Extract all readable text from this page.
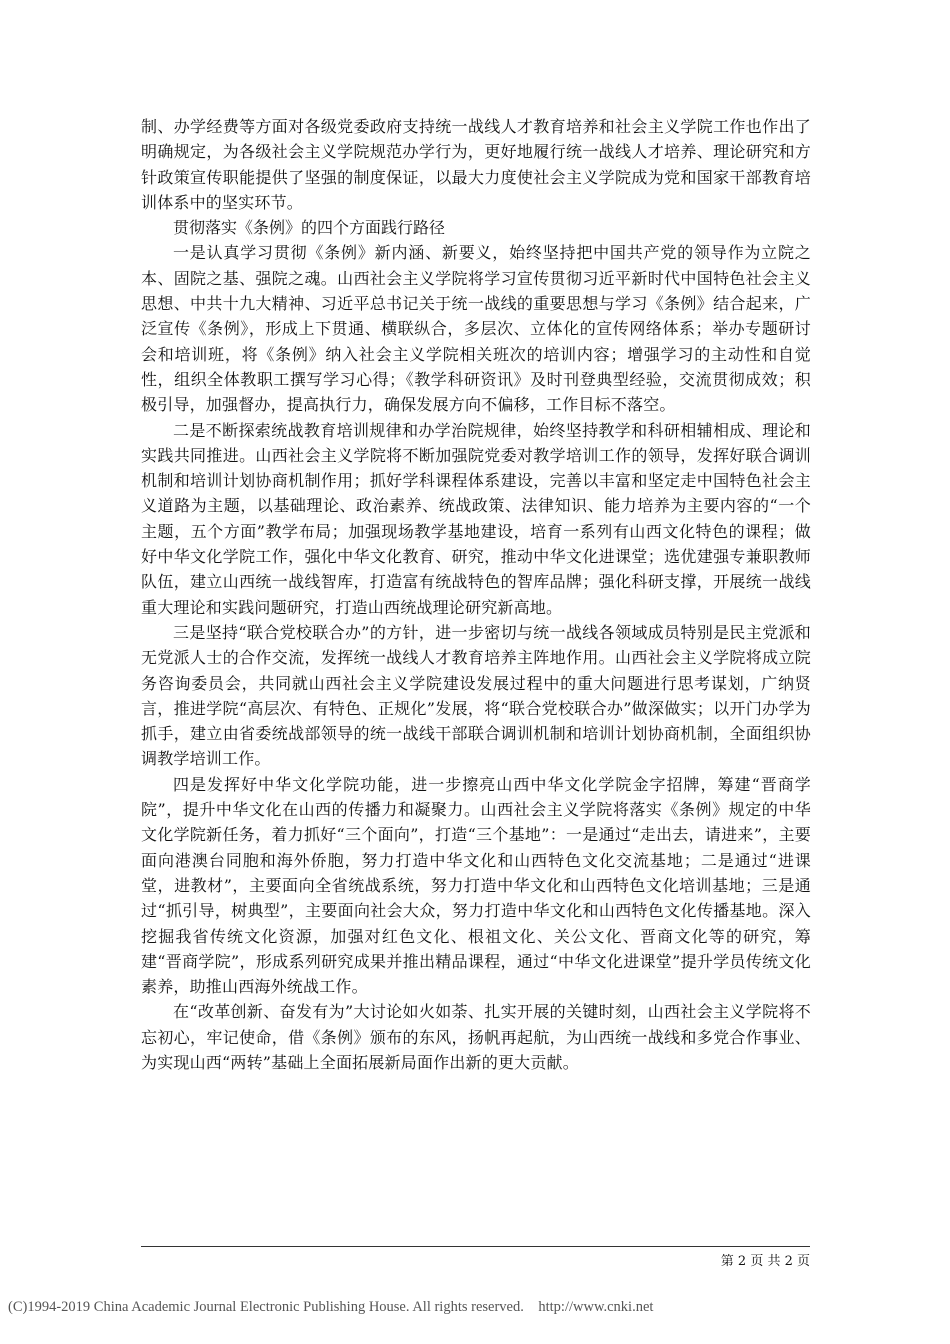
制、办学经费等方面对各级党委政府支持统一战线人才教育培养和社会主义学院工作也作出了明确规定，为各级社会主义学院规范办学行为，更好地履行统一战线人才培养、理论研究和方针政策宣传职能提供了坚强的制度保证，以最大力度使社会主义学院成为党和国家干部教育培训体系中的坚实环节。

贯彻落实《条例》的四个方面践行路径

一是认真学习贯彻《条例》新内涵、新要义，始终坚持把中国共产党的领导作为立院之本、固院之基、强院之魂。山西社会主义学院将学习宣传贯彻习近平新时代中国特色社会主义思想、中共十九大精神、习近平总书记关于统一战线的重要思想与学习《条例》结合起来，广泛宣传《条例》，形成上下贯通、横联纵合，多层次、立体化的宣传网络体系；举办专题研讨会和培训班，将《条例》纳入社会主义学院相关班次的培训内容；增强学习的主动性和自觉性，组织全体教职工撰写学习心得；《教学科研资讯》及时刊登典型经验，交流贯彻成效；积极引导，加强督办，提高执行力，确保发展方向不偏移，工作目标不落空。

二是不断探索统战教育培训规律和办学治院规律，始终坚持教学和科研相辅相成、理论和实践共同推进。山西社会主义学院将不断加强院党委对教学培训工作的领导，发挥好联合调训机制和培训计划协商机制作用；抓好学科课程体系建设，完善以丰富和坚定走中国特色社会主义道路为主题，以基础理论、政治素养、统战政策、法律知识、能力培养为主要内容的“一个主题，五个方面”教学布局；加强现场教学基地建设，培育一系列有山西文化特色的课程；做好中华文化学院工作，强化中华文化教育、研究，推动中华文化进课堂；选优建强专兼职教师队伍，建立山西统一战线智库，打造富有统战特色的智库品牌；强化科研支撑，开展统一战线重大理论和实践问题研究，打造山西统战理论研究新高地。

三是坚持“联合党校联合办”的方针，进一步密切与统一战线各领域成员特别是民主党派和无党派人士的合作交流，发挥统一战线人才教育培养主阵地作用。山西社会主义学院将成立院务咨询委员会，共同就山西社会主义学院建设发展过程中的重大问题进行思考谋划，广纳贤言，推进学院“高层次、有特色、正规化”发展，将“联合党校联合办”做深做实；以开门办学为抓手，建立由省委统战部领导的统一战线干部联合调训机制和培训计划协商机制，全面组织协调教学培训工作。

四是发挥好中华文化学院功能，进一步擦亮山西中华文化学院金字招牌，筹建“晋商学院”，提升中华文化在山西的传播力和凝聚力。山西社会主义学院将落实《条例》规定的中华文化学院新任务，着力抓好“三个面向”，打造“三个基地”：一是通过“走出去，请进来”，主要面向港澳台同胞和海外侨胞，努力打造中华文化和山西特色文化交流基地；二是通过“进课堂，进教材”，主要面向全省统战系统，努力打造中华文化和山西特色文化培训基地；三是通过“抓引导，树典型”，主要面向社会大众，努力打造中华文化和山西特色文化传播基地。深入挖掘我省传统文化资源，加强对红色文化、根祖文化、关公文化、晋商文化等的研究，筹建“晋商学院”，形成系列研究成果并推出精品课程，通过“中华文化进课堂”提升学员传统文化素养，助推山西海外统战工作。

在“改革创新、奋发有为”大讨论如火如荼、扎实开展的关键时刻，山西社会主义学院将不忘初心，牢记使命，借《条例》颁布的东风，扬帆再起航，为山西统一战线和多党合作事业、为实现山西“两转”基础上全面拓展新局面作出新的更大贡献。

第 2 页 共 2 页
(C)1994-2019 China Academic Journal Electronic Publishing House. All rights reserved. http://www.cnki.net
